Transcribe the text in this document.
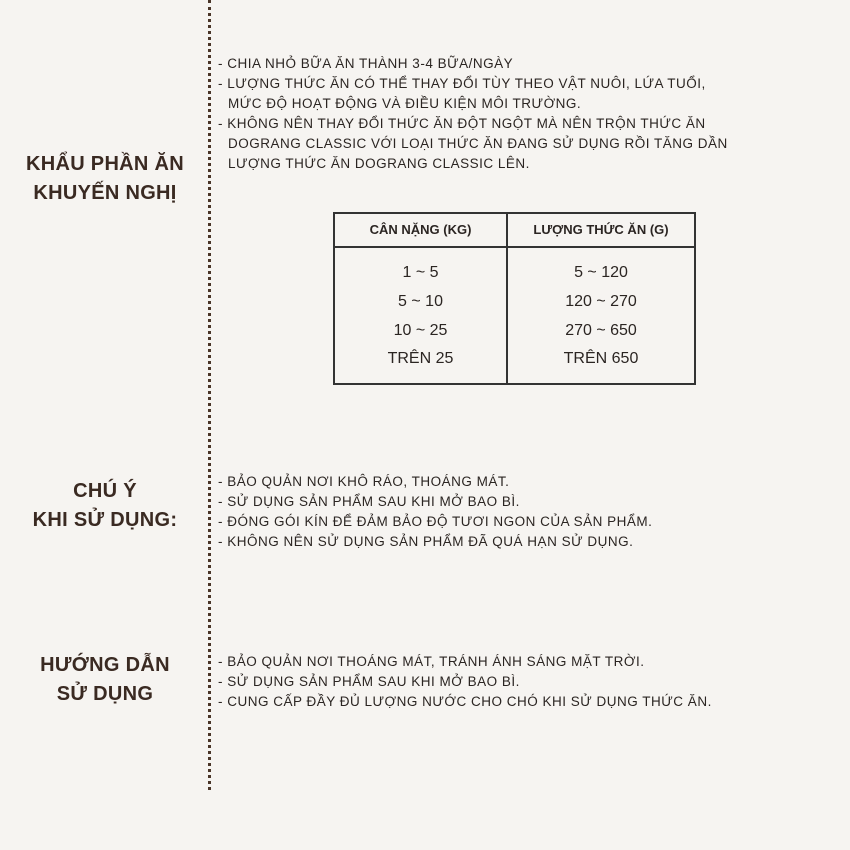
KHẨU PHẦN ĂN
KHUYẾN NGHỊ
- CHIA NHỎ BỮA ĂN THÀNH 3-4 BỮA/NGÀY
- LƯỢNG THỨC ĂN CÓ THỂ THAY ĐỔI TÙY THEO VẬT NUÔI, LỨA TUỔI,
MỨC ĐỘ HOẠT ĐỘNG VÀ ĐIỀU KIỆN MÔI TRƯỜNG.
- KHÔNG NÊN THAY ĐỔI THỨC ĂN ĐỘT NGỘT MÀ NÊN TRỘN THỨC ĂN
DOGRANG CLASSIC VỚI LOẠI THỨC ĂN ĐANG SỬ DỤNG RỒI TĂNG DẦN
LƯỢNG THỨC ĂN DOGRANG CLASSIC LÊN.
CÂN NẶNG (KG)	LƯỢNG THỨC ĂN (G)
1 ~ 5	5 ~ 120
5 ~ 10	120 ~ 270
10 ~ 25	270 ~ 650
TRÊN 25	TRÊN 650
CHÚ Ý
KHI SỬ DỤNG:
- BẢO QUẢN NƠI KHÔ RÁO, THOÁNG MÁT.
- SỬ DỤNG SẢN PHẨM SAU KHI MỞ BAO BÌ.
- ĐÓNG GÓI KÍN ĐỂ ĐẢM BẢO ĐỘ TƯƠI NGON CỦA SẢN PHẨM.
- KHÔNG NÊN SỬ DỤNG SẢN PHẨM ĐÃ QUÁ HẠN SỬ DỤNG.
HƯỚNG DẪN
SỬ DỤNG
- BẢO QUẢN NƠI THOÁNG MÁT, TRÁNH ÁNH SÁNG MẶT TRỜI.
- SỬ DỤNG SẢN PHẨM SAU KHI MỞ BAO BÌ.
- CUNG CẤP ĐẦY ĐỦ LƯỢNG NƯỚC CHO CHÓ KHI SỬ DỤNG THỨC ĂN.
